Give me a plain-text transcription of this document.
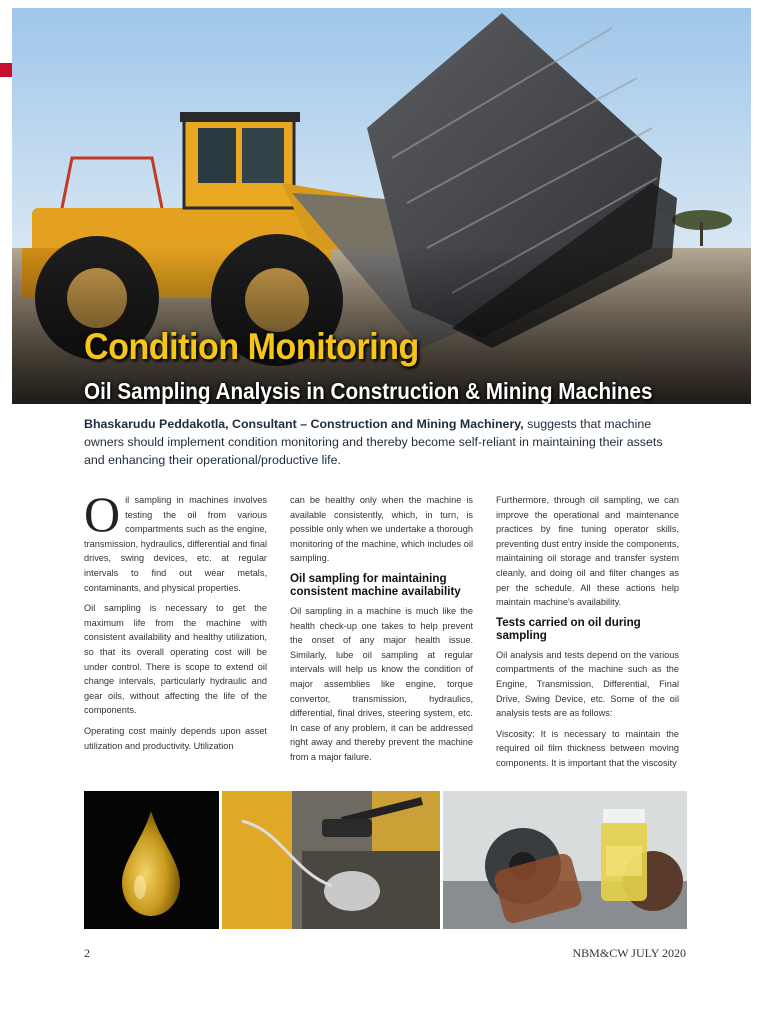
Condition Monitoring
Oil Sampling Analysis in Construction & Mining Machines
Bhaskarudu Peddakotla, Consultant – Construction and Mining Machinery, suggests that machine owners should implement condition monitoring and thereby become self-reliant in maintaining their assets and enhancing their operational/productive life.

Oil sampling in machines involves testing the oil from various compartments such as the engine, transmission, hydraulics, differential and final drives, swing devices, etc. at regular intervals to find out wear metals, contaminants, and physical properties.

Oil sampling is necessary to get the maximum life from the machine with consistent availability and healthy utilization, so that its overall operating cost will be under control. There is scope to extend oil change intervals, particularly hydraulic and gear oils, without affecting the life of the components.

Operating cost mainly depends upon asset utilization and productivity. Utilization

can be healthy only when the machine is available consistently, which, in turn, is possible only when we undertake a thorough monitoring of the machine, which includes oil sampling.

Oil sampling for maintaining consistent machine availability

Oil sampling in a machine is much like the health check-up one takes to help prevent the onset of any major health issue. Similarly, lube oil sampling at regular intervals will help us know the condition of major assemblies like engine, torque convertor, transmission, hydraulics, differential, final drives, steering system, etc. In case of any problem, it can be addressed right away and thereby prevent the machine from a major failure.

Furthermore, through oil sampling, we can improve the operational and maintenance practices by fine tuning operator skills, preventing dust entry inside the components, maintaining oil storage and transfer system cleanly, and doing oil and filter changes as per the schedule. All these actions help maintain machine's availability.

Tests carried on oil during sampling

Oil analysis and tests depend on the various compartments of the machine such as the Engine, Transmission, Differential, Final Drive, Swing Device, etc. Some of the oil analysis tests are as follows:

Viscosity: It is necessary to maintain the required oil film thickness between moving components. It is important that the viscosity

2	NBM&CW JULY 2020
